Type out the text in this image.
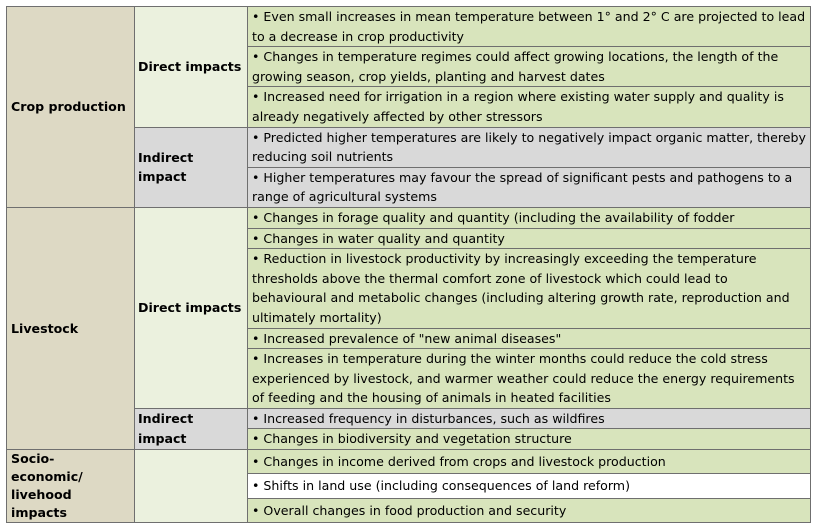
Crop production	Direct impacts	• Even small increases in mean temperature between 1° and 2° C are projected to lead to a decrease in crop productivity
		• Changes in temperature regimes could affect growing locations, the length of the growing season, crop yields, planting and harvest dates
		• Increased need for irrigation in a region where existing water supply and quality is already negatively affected by other stressors
	Indirect impact	• Predicted higher temperatures are likely to negatively impact organic matter, thereby reducing soil nutrients
		• Higher temperatures may favour the spread of significant pests and pathogens to a range of agricultural systems
Livestock	Direct impacts	• Changes in forage quality and quantity (including the availability of fodder
		• Changes in water quality and quantity
		• Reduction in livestock productivity by increasingly exceeding the temperature thresholds above the thermal comfort zone of livestock which could lead to behavioural and metabolic changes (including altering growth rate, reproduction and ultimately mortality)
		• Increased prevalence of "new animal diseases"
		• Increases in temperature during the winter months could reduce the cold stress experienced by livestock, and warmer weather could reduce the energy requirements of feeding and the housing of animals in heated facilities
	Indirect impact	• Increased frequency in disturbances, such as wildfires
		• Changes in biodiversity and vegetation structure
Socio-
economic/
livehood impacts		• Changes in income derived from crops and livestock production
		• Shifts in land use (including consequences of land reform)
		• Overall changes in food production and security
